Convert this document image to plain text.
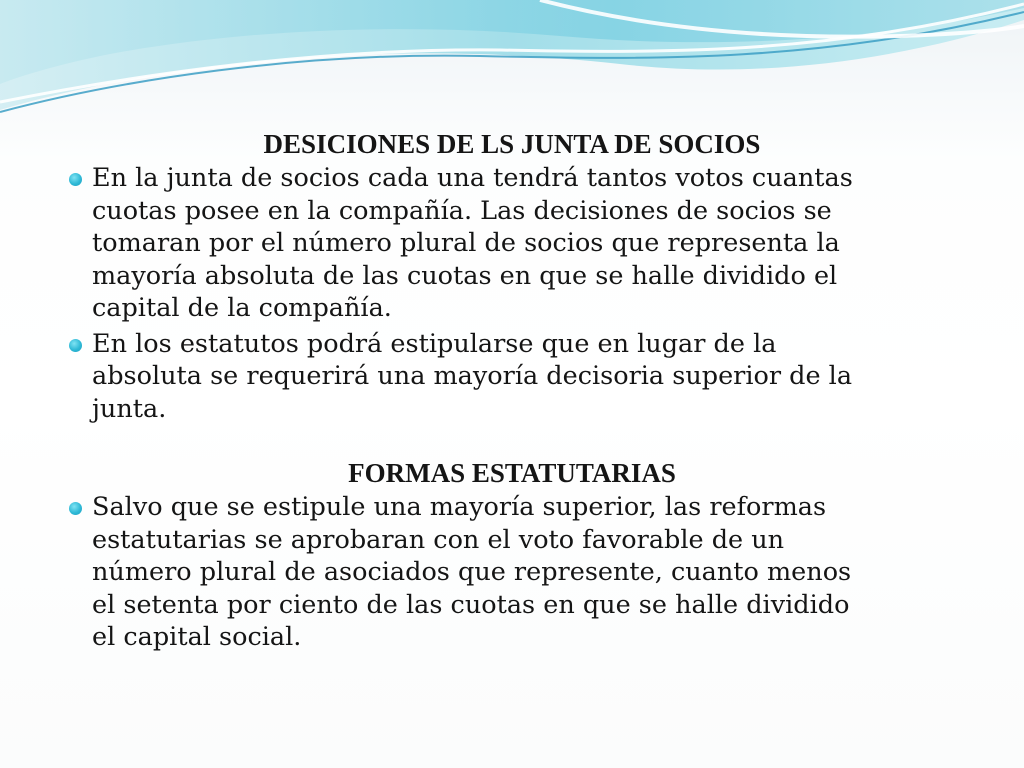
DESICIONES DE LS JUNTA DE SOCIOS

En la junta de socios cada una tendrá tantos votos cuantas
cuotas posee en la compañía. Las decisiones de socios se
tomaran por el número plural de socios que representa la
mayoría absoluta de las cuotas en que se halle dividido el
capital de la compañía.

En los estatutos podrá estipularse que en lugar de la
absoluta se requerirá una mayoría decisoria superior de la
junta.

FORMAS ESTATUTARIAS

Salvo que se estipule una mayoría superior, las reformas
estatutarias se aprobaran con el voto favorable de un
número plural de asociados que represente, cuanto menos
el setenta por ciento de las cuotas en que se halle dividido
el capital social.
